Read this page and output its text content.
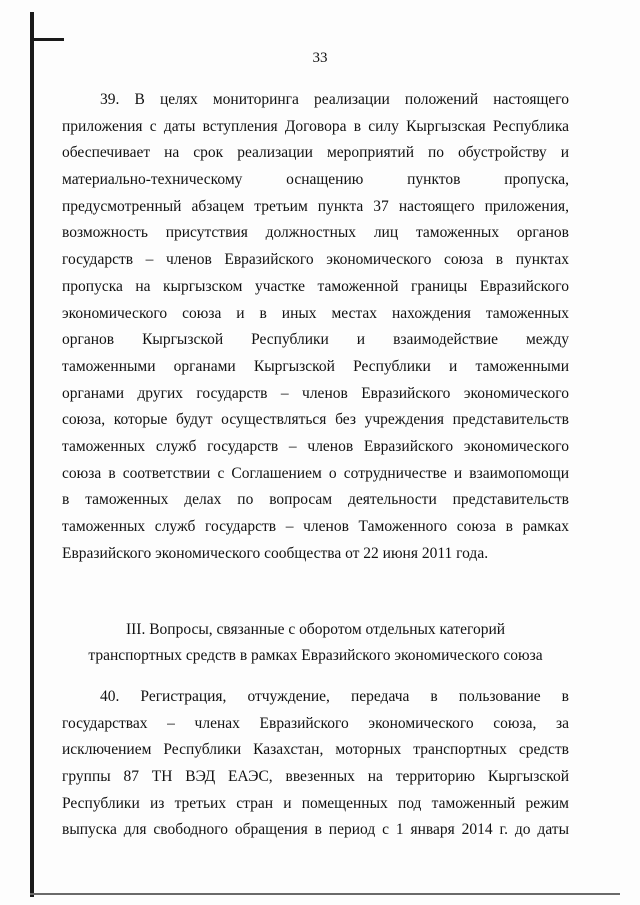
33
39. В целях мониторинга реализации положений настоящего
приложения с даты вступления Договора в силу Кыргызская Республика
обеспечивает на срок реализации мероприятий по обустройству и
материально-техническому оснащению пунктов пропуска,
предусмотренный абзацем третьим пункта 37 настоящего приложения,
возможность присутствия должностных лиц таможенных органов
государств – членов Евразийского экономического союза в пунктах
пропуска на кыргызском участке таможенной границы Евразийского
экономического союза и в иных местах нахождения таможенных
органов Кыргызской Республики и взаимодействие между
таможенными органами Кыргызской Республики и таможенными
органами других государств – членов Евразийского экономического
союза, которые будут осуществляться без учреждения представительств
таможенных служб государств – членов Евразийского экономического
союза в соответствии с Соглашением о сотрудничестве и взаимопомощи
в таможенных делах по вопросам деятельности представительств
таможенных служб государств – членов Таможенного союза в рамках
Евразийского экономического сообщества от 22 июня 2011 года.
III. Вопросы, связанные с оборотом отдельных категорий
транспортных средств в рамках Евразийского экономического союза
40. Регистрация, отчуждение, передача в пользование в
государствах – членах Евразийского экономического союза, за
исключением Республики Казахстан, моторных транспортных средств
группы 87 ТН ВЭД ЕАЭС, ввезенных на территорию Кыргызской
Республики из третьих стран и помещенных под таможенный режим
выпуска для свободного обращения в период с 1 января 2014 г. до даты
